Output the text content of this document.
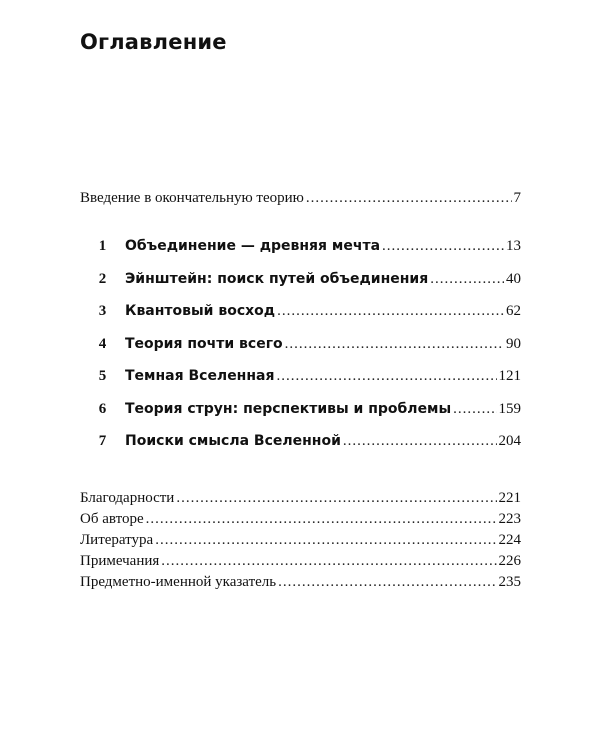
Оглавление
Введение в окончательную теорию .....	7
1	Объединение — древняя мечта .....	13
2	Эйнштейн: поиск путей объединения .....	40
3	Квантовый восход .....	62
4	Теория почти всего .....	90
5	Темная Вселенная .....	121
6	Теория струн: перспективы и проблемы .....	159
7	Поиски смысла Вселенной .....	204
Благодарности .....	221
Об авторе .....	223
Литература .....	224
Примечания .....	226
Предметно-именной указатель .....	235
